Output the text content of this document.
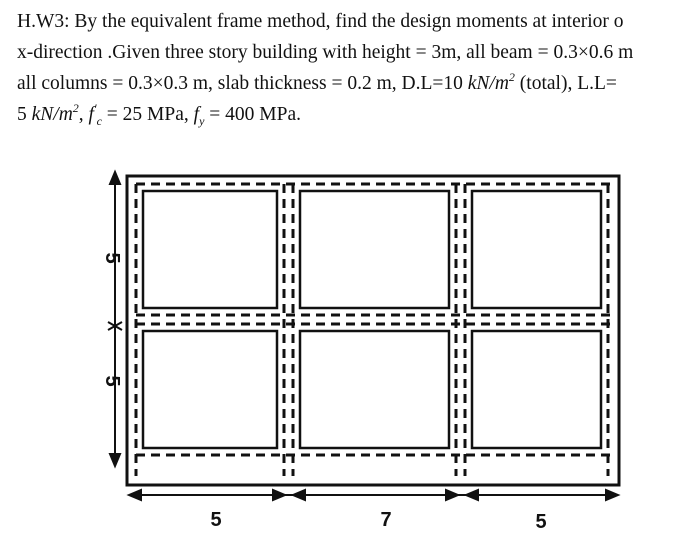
H.W3: By the equivalent frame method, find the design moments at interior o
x-direction .Given three story building with height = 3m, all beam = 0.3×0.6 m
all columns = 0.3×0.3 m, slab thickness = 0.2 m, D.L=10 $kN/m^2$ (total), L.L=
5 $kN/m^2$, $f'_c = 25$ MPa, $f_y = 400$ MPa.
5
5
5	7	5
